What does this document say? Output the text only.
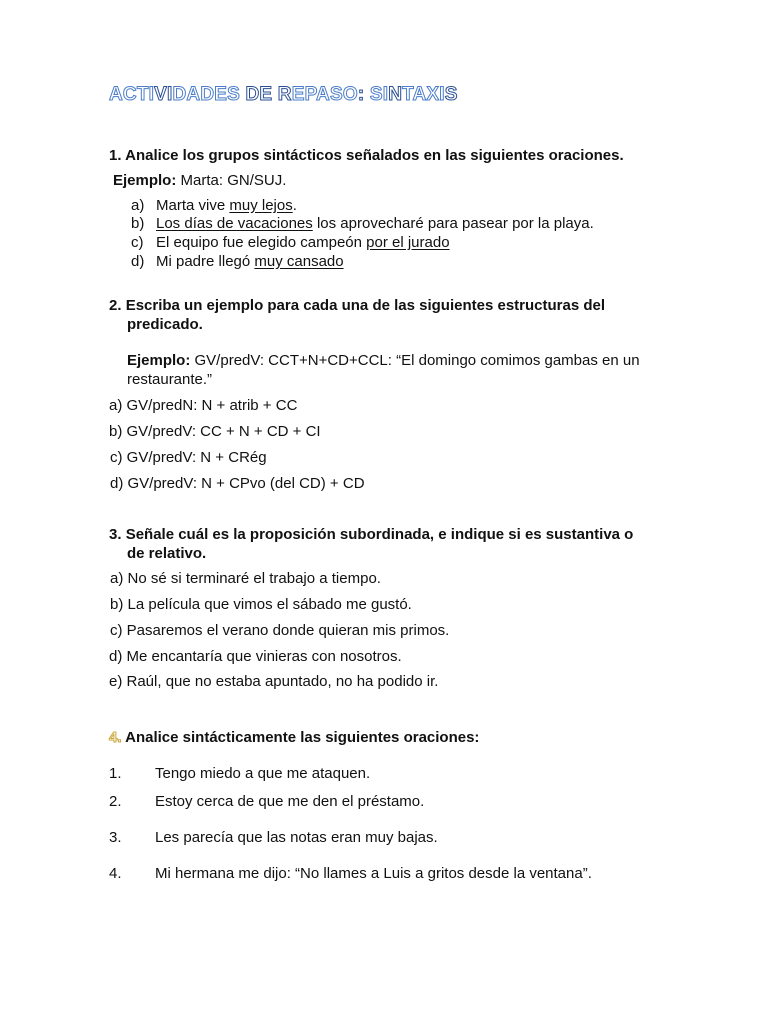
ACTIVIDADES DE REPASO: SINTAXIS
1. Analice los grupos sintácticos señalados en las siguientes oraciones.
Ejemplo: Marta: GN/SUJ.
a) Marta vive muy lejos.
b) Los días de vacaciones los aprovecharé para pasear por la playa.
c) El equipo fue elegido campeón por el jurado
d) Mi padre llegó muy cansado
2. Escriba un ejemplo para cada una de las siguientes estructuras del
predicado.
Ejemplo: GV/predV: CCT+N+CD+CCL: “El domingo comimos gambas en un
restaurante.”
a) GV/predN: N + atrib + CC
b) GV/predV: CC + N + CD + CI
c) GV/predV: N + CRég
d) GV/predV: N + CPvo (del CD) + CD
3. Señale cuál es la proposición subordinada, e indique si es sustantiva o
de relativo.
a) No sé si terminaré el trabajo a tiempo.
b) La película que vimos el sábado me gustó.
c) Pasaremos el verano donde quieran mis primos.
d) Me encantaría que vinieras con nosotros.
e) Raúl, que no estaba apuntado, no ha podido ir.
4. Analice sintácticamente las siguientes oraciones:
1. Tengo miedo a que me ataquen.
2. Estoy cerca de que me den el préstamo.
3. Les parecía que las notas eran muy bajas.
4. Mi hermana me dijo: “No llames a Luis a gritos desde la ventana”.
